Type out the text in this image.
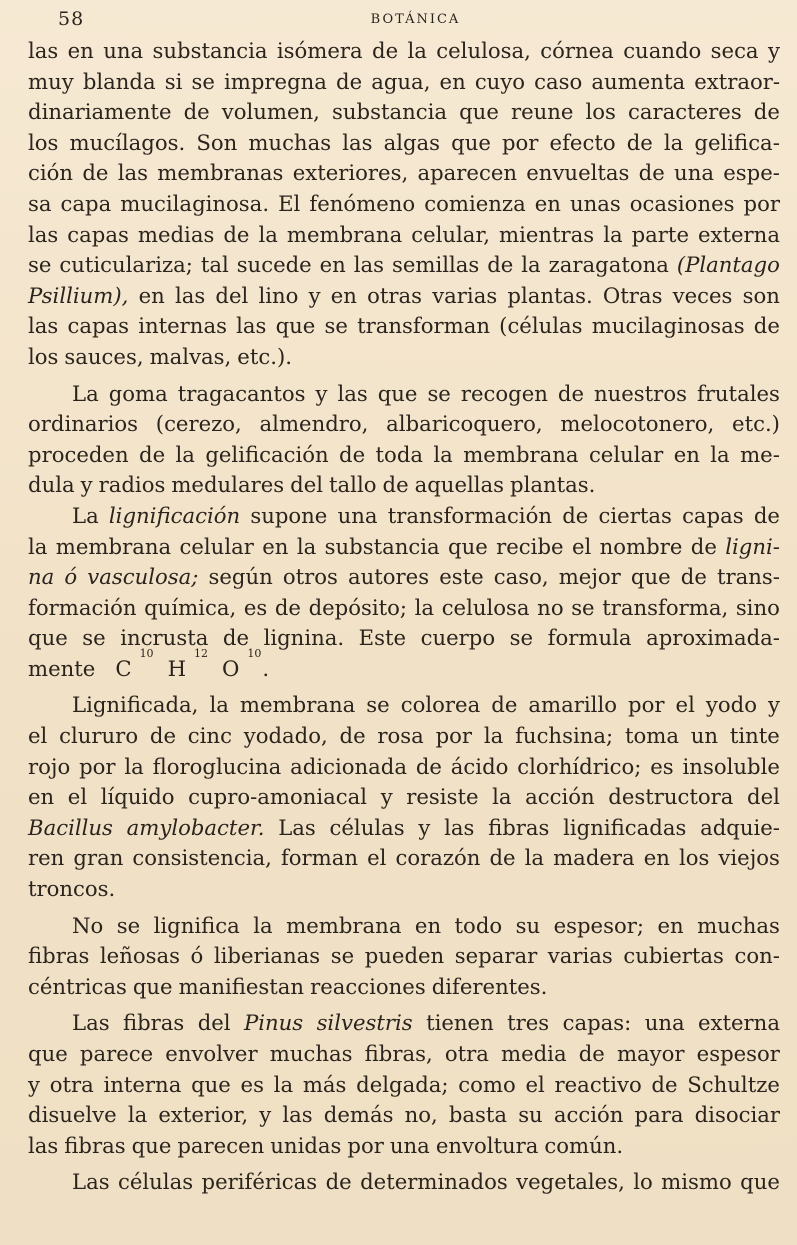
58	BOTÁNICA
las en una substancia isómera de la celulosa, córnea cuando seca y
muy blanda si se impregna de agua, en cuyo caso aumenta extraor-
dinariamente de volumen, substancia que reune los caracteres de
los mucílagos. Son muchas las algas que por efecto de la gelifica-
ción de las membranas exteriores, aparecen envueltas de una espe-
sa capa mucilaginosa. El fenómeno comienza en unas ocasiones por
las capas medias de la membrana celular, mientras la parte externa
se cuticulariza; tal sucede en las semillas de la zaragatona (Plantago
Psillium), en las del lino y en otras varias plantas. Otras veces son
las capas internas las que se transforman (células mucilaginosas de
los sauces, malvas, etc.).
La goma tragacantos y las que se recogen de nuestros frutales
ordinarios (cerezo, almendro, albaricoquero, melocotonero, etc.)
proceden de la gelificación de toda la membrana celular en la me-
dula y radios medulares del tallo de aquellas plantas.
La lignificación supone una transformación de ciertas capas de
la membrana celular en la substancia que recibe el nombre de ligni-
na ó vasculosa; según otros autores este caso, mejor que de trans-
formación química, es de depósito; la celulosa no se transforma, sino
que se incrusta de lignina. Este cuerpo se formula aproximada-
mente C
10
H
12
O
10
.
Lignificada, la membrana se colorea de amarillo por el yodo y
el clururo de cinc yodado, de rosa por la fuchsina; toma un tinte
rojo por la floroglucina adicionada de ácido clorhídrico; es insoluble
en el líquido cupro-amoniacal y resiste la acción destructora del
Bacillus amylobacter. Las células y las fibras lignificadas adquie-
ren gran consistencia, forman el corazón de la madera en los viejos
troncos.
No se lignifica la membrana en todo su espesor; en muchas
fibras leñosas ó liberianas se pueden separar varias cubiertas con-
céntricas que manifiestan reacciones diferentes.
Las fibras del Pinus silvestris tienen tres capas: una externa
que parece envolver muchas fibras, otra media de mayor espesor
y otra interna que es la más delgada; como el reactivo de Schultze
disuelve la exterior, y las demás no, basta su acción para disociar
las fibras que parecen unidas por una envoltura común.
Las células periféricas de determinados vegetales, lo mismo que
